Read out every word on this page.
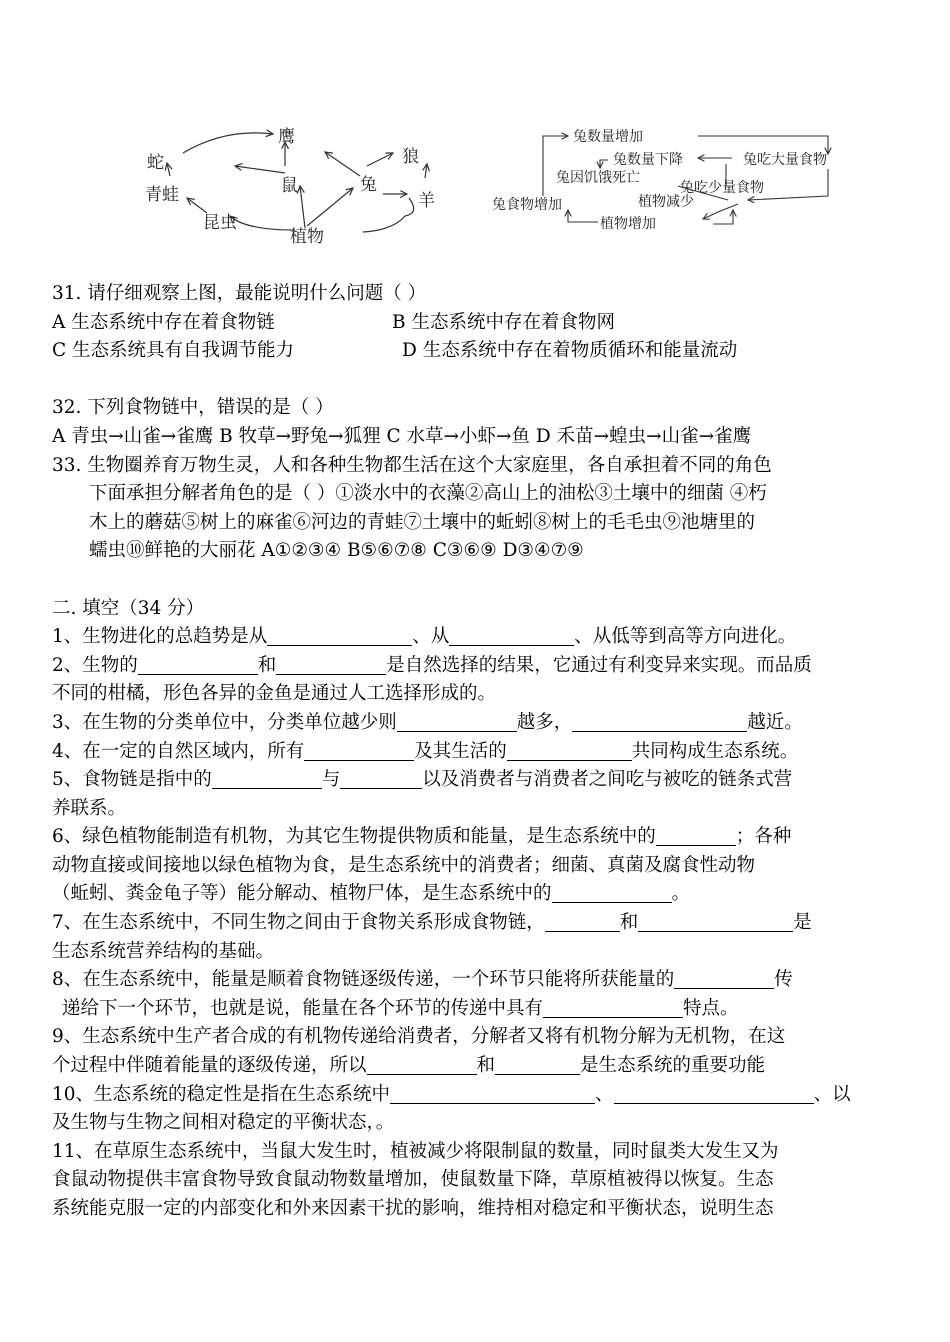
鹰
蛇
青蛙	鼠	兔
狼
羊
昆虫
植物
兔数量增加
兔数量下降	兔吃大量食物
兔因饥饿死亡
兔吃少量食物
兔食物增加	植物减少
植物增加
31. 请仔细观察上图，最能说明什么问题（ ）
A 生态系统中存在着食物链	B 生态系统中存在着食物网
C 生态系统具有自我调节能力	D 生态系统中存在着物质循环和能量流动
32. 下列食物链中，错误的是（ ）
A 青虫→山雀→雀鹰 B 牧草→野兔→狐狸 C 水草→小虾→鱼 D 禾苗→蝗虫→山雀→雀鹰
33. 生物圈养育万物生灵，人和各种生物都生活在这个大家庭里，各自承担着不同的角色
下面承担分解者角色的是（ ）①淡水中的衣藻②高山上的油松③土壤中的细菌 ④朽
木上的蘑菇⑤树上的麻雀⑥河边的青蛙⑦土壤中的蚯蚓⑧树上的毛毛虫⑨池塘里的
蠕虫⑩鲜艳的大丽花 A①②③④ B⑤⑥⑦⑧ C③⑥⑨ D③④⑦⑨
二. 填空（34 分）
1、生物进化的总趋势是从	、从	、从低等到高等方向进化。
2、生物的	和	是自然选择的结果，它通过有利变异来实现。而品质
不同的柑橘，形色各异的金鱼是通过人工选择形成的。
3、在生物的分类单位中，分类单位越少则	越多，	越近。
4、在一定的自然区域内，所有	及其生活的	共同构成生态系统。
5、食物链是指中的	与	以及消费者与消费者之间吃与被吃的链条式营
养联系。
6、绿色植物能制造有机物，为其它生物提供物质和能量，是生态系统中的	；各种
动物直接或间接地以绿色植物为食，是生态系统中的消费者；细菌、真菌及腐食性动物
（蚯蚓、粪金龟子等）能分解动、植物尸体，是生态系统中的	。
7、在生态系统中，不同生物之间由于食物关系形成食物链，	和	是
生态系统营养结构的基础。
8、在生态系统中，能量是顺着食物链逐级传递，一个环节只能将所获能量的	传
递给下一个环节，也就是说，能量在各个环节的传递中具有	特点。
9、生态系统中生产者合成的有机物传递给消费者，分解者又将有机物分解为无机物，在这
个过程中伴随着能量的逐级传递，所以	和	是生态系统的重要功能
10、生态系统的稳定性是指在生态系统中	、	、以
及生物与生物之间相对稳定的平衡状态，。
11、在草原生态系统中，当鼠大发生时，植被减少将限制鼠的数量，同时鼠类大发生又为
食鼠动物提供丰富食物导致食鼠动物数量增加，使鼠数量下降，草原植被得以恢复。生态
系统能克服一定的内部变化和外来因素干扰的影响，维持相对稳定和平衡状态，说明生态
